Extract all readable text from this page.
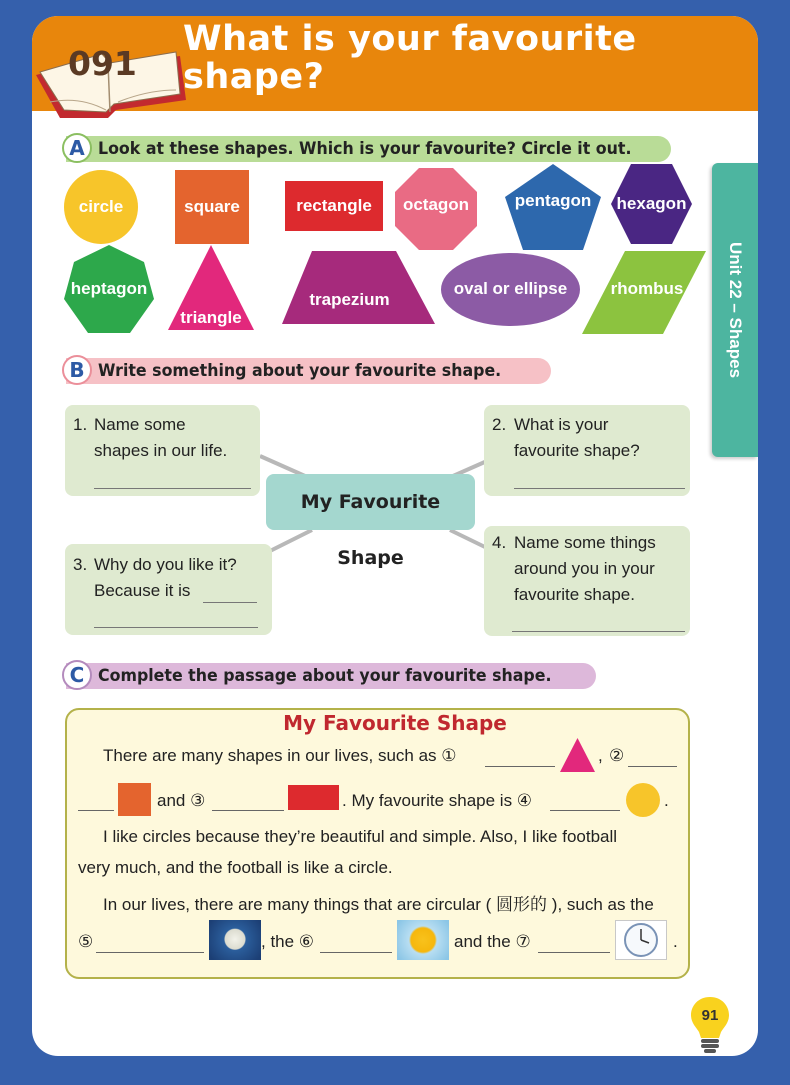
091
What is your favourite
shape?
Unit 22 – Shapes
A Look at these shapes. Which is your favourite? Circle it out.
circle	square	rectangle octagon	pentagon hexagon
heptagon
triangle
trapezium
oval or ellipse	rhombus
B Write something about your favourite shape.
1. Name some
shapes in our life.
2. What is your
favourite shape?
My Favourite Shape
3. Why do you like it?
Because it is
4. Name some things
around you in your
favourite shape.
C Complete the passage about your favourite shape.
My Favourite Shape
There are many shapes in our lives, such as ①	, ②
and ③	. My favourite shape is ④	.
I like circles because they’re beautiful and simple. Also, I like football
very much, and the football is like a circle.
In our lives, there are many things that are circular ( 圆形的 ), such as the
⑤	, the ⑥	and the ⑦	.
91
